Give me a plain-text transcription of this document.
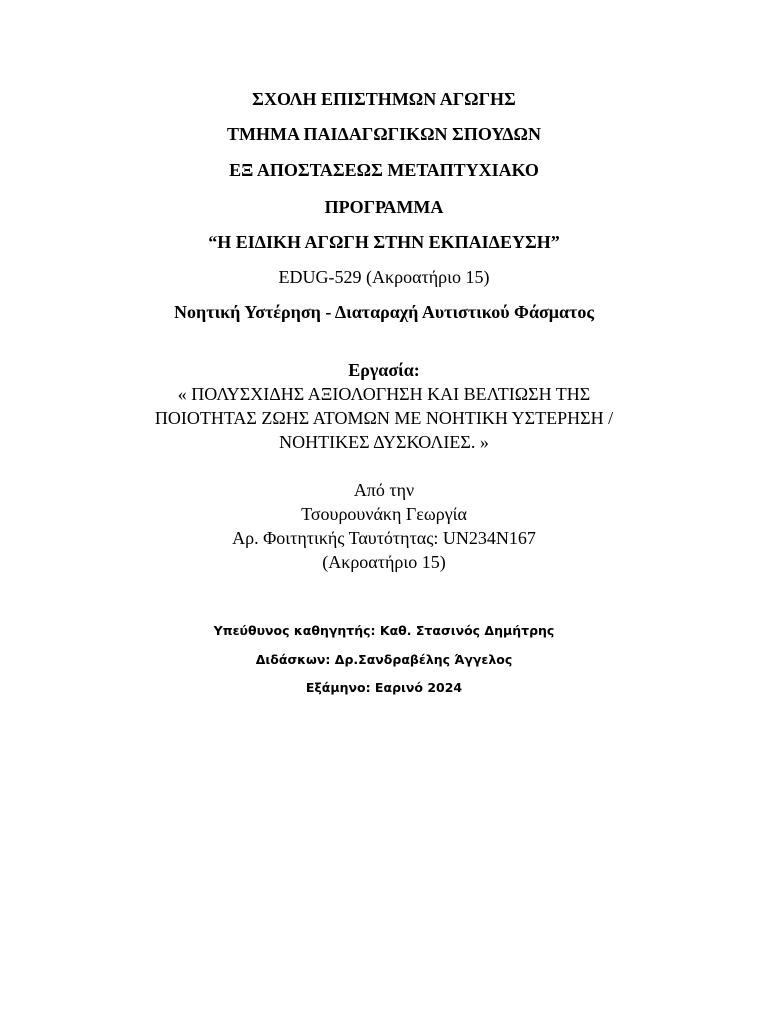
ΣΧΟΛΗ ΕΠΙΣΤΗΜΩΝ ΑΓΩΓΗΣ
ΤΜΗΜΑ ΠΑΙΔΑΓΩΓΙΚΩΝ ΣΠΟΥΔΩΝ
ΕΞ ΑΠΟΣΤΑΣΕΩΣ ΜΕΤΑΠΤΥΧΙΑΚΟ
ΠΡΟΓΡΑΜΜΑ
“Η ΕΙΔΙΚΗ ΑΓΩΓΗ ΣΤΗΝ ΕΚΠΑΙΔΕΥΣΗ”
EDUG-529 (Ακροατήριο 15)
Νοητική Υστέρηση - Διαταραχή Αυτιστικού Φάσματος
Εργασία:
« ΠΟΛΥΣΧΙΔΗΣ ΑΞΙΟΛΟΓΗΣΗ ΚΑΙ ΒΕΛΤΙΩΣΗ ΤΗΣ
ΠΟΙΟΤΗΤΑΣ ΖΩΗΣ ΑΤΟΜΩΝ ΜΕ ΝΟΗΤΙΚΗ ΥΣΤΕΡΗΣΗ /
ΝΟΗΤΙΚΕΣ ΔΥΣΚΟΛΙΕΣ. »
Από την
Τσουρουνάκη Γεωργία
Αρ. Φοιτητικής Ταυτότητας: UN234N167
(Ακροατήριο 15)
Υπεύθυνος καθηγητής: Καθ. Στασινός Δημήτρης
Διδάσκων: Δρ.Σανδραβέλης Άγγελος
Εξάμηνο: Εαρινό 2024
